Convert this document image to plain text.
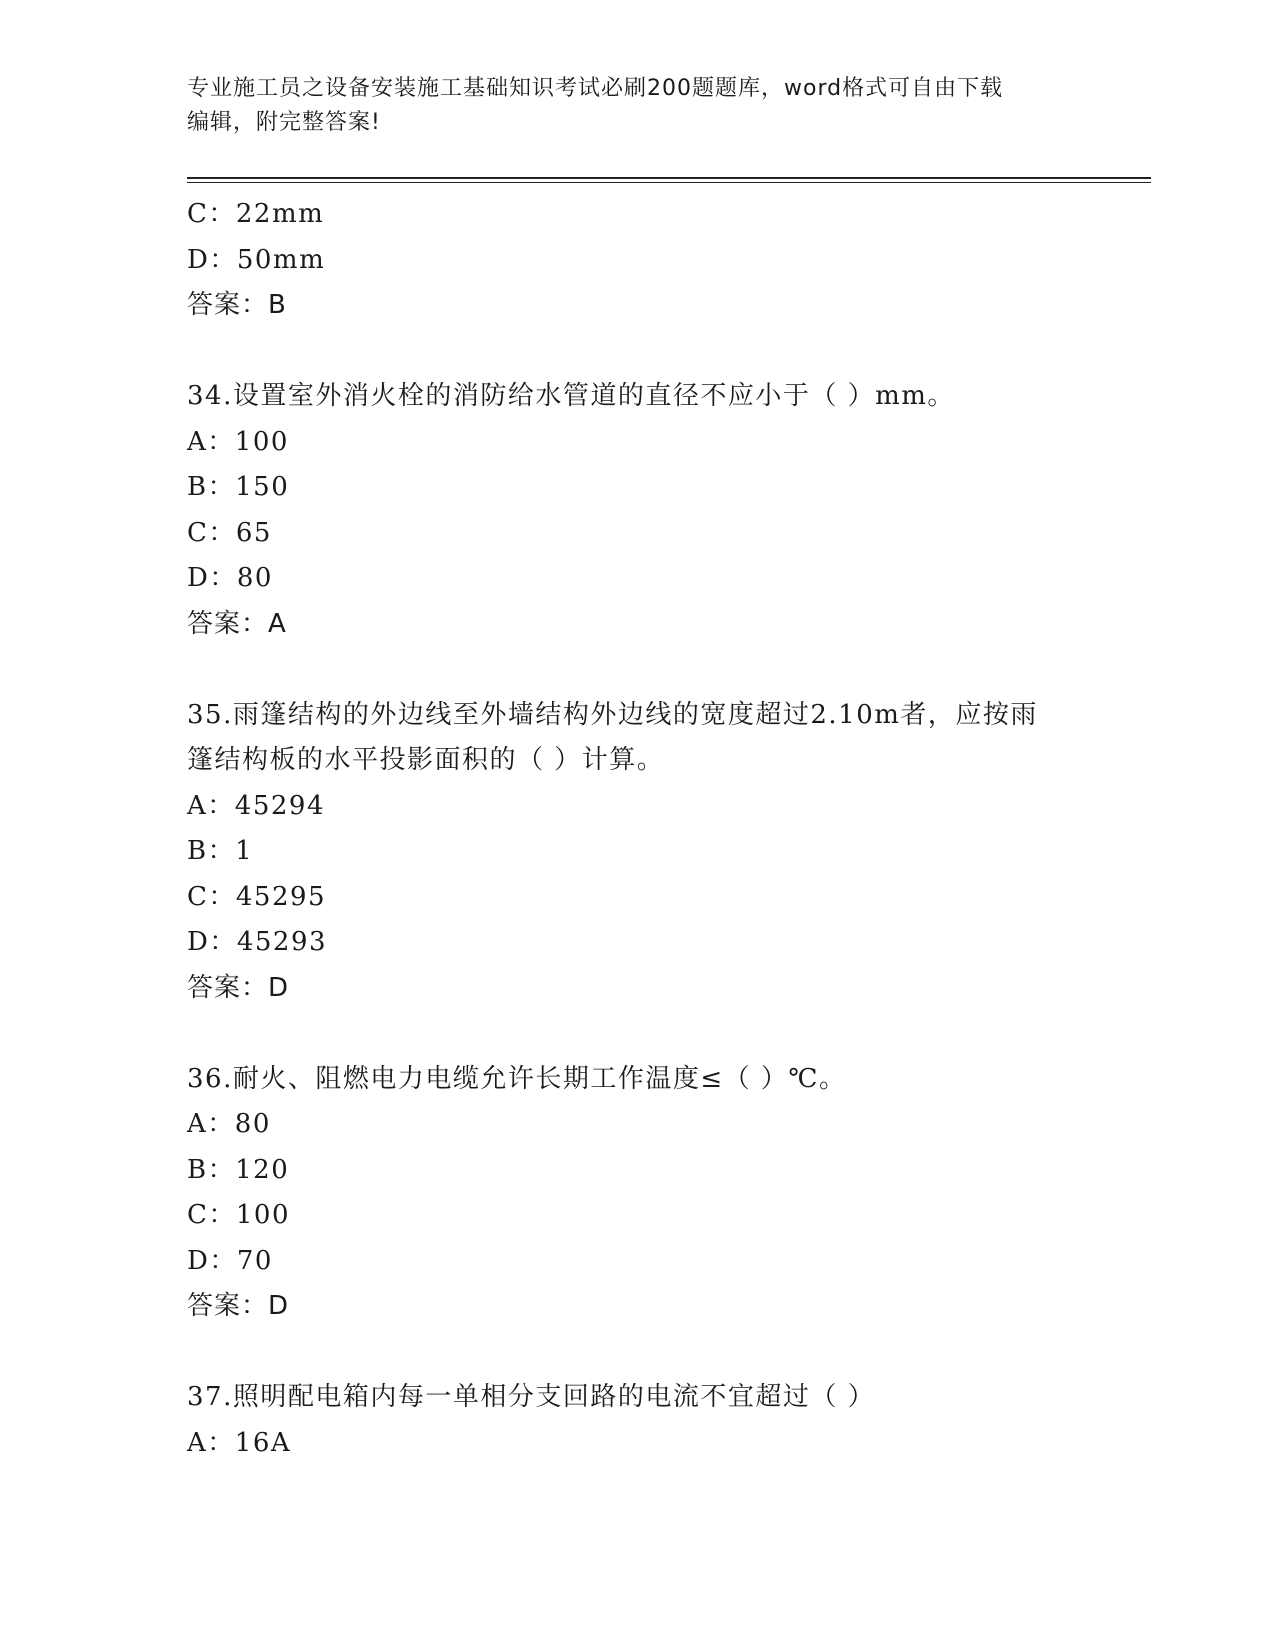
专业施工员之设备安装施工基础知识考试必刷200题题库，word格式可自由下载
编辑，附完整答案!
C：22mm
D：50mm
答案：B
34.设置室外消火栓的消防给水管道的直径不应小于（ ）mm。
A：100
B：150
C：65
D：80
答案：A
35.雨篷结构的外边线至外墙结构外边线的宽度超过2.10m者，应按雨
篷结构板的水平投影面积的（ ）计算。
A：45294
B：1
C：45295
D：45293
答案：D
36.耐火、阻燃电力电缆允许长期工作温度≤（ ）℃。
A：80
B：120
C：100
D：70
答案：D
37.照明配电箱内每一单相分支回路的电流不宜超过（ ）
A：16A
